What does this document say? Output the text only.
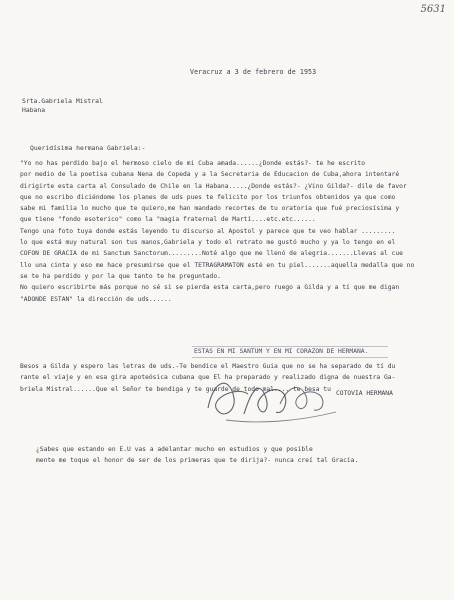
5631
Veracruz a 3 de febrero de 1953
Srta.Gabriela Mistral
Habana
Queridísima hermana Gabriela:-
"Yo no has perdido bajo el hermoso cielo de mi Cuba amada......¿Donde estás?- te he escrito
por medio de la poetisa cubana Nena de Copeda y a la Secretaria de Educacion de Cuba,ahora intentaré
dirigirte esta carta al Consulado de Chile en la Habana.....¿Donde estás?- ¿Vino Gilda?- dile de favor
que no escribo diciéndome los planes de uds pues te felicito por los triunfos obtenidos ya que como
sabe mi familia lo mucho que te quiero,me han mandado recortes de tu oratoria que fué preciosísima y
que tiene "fondo esoterico" como la "magia fraternal de Martí....etc.etc......
Tengo una foto tuya donde estás leyendo tu discurso al Apostol y parece que te veo hablar .........
lo que está muy natural son tus manos,Gabriela y todo el retrato me gustó mucho y ya lo tengo en el
COFON DE GRACIA de mi Sanctum Sanctorum.........Noté algo que me llenó de alegria.......Llevas al cue
llo una cinta y eso me hace presumirse que el TETRAGRAMATON esté en tu piel.......aquella medalla que no
se te ha perdido y por la que tanto te he preguntado.
No quiero escribirte más porque no sé si se pierda esta carta,pero ruego a Gilda y a tí que me digan
"ADONDE ESTAN" la dirección de uds......
ESTAS EN MI SANTUM Y EN MI CORAZON DE HERMANA.
Besos a Gilda y espero las letras de uds.-Te bendice el Maestro Guia que no se ha separado de tí du
rante el viaje y en esa gira apoteósica cubana que El ha preparado y realizado digna de nuestra Ga-
briela Mistral......Que el Señor te bendiga y te guarde de todo mal.... te besa tu
COTOVIA HERMANA
¿Sabes que estando en E.U vas a adelantar mucho en estudios y que posible
mente me toque el honor de ser de los primeras que te dirija?- nunca creí tal Gracia.
